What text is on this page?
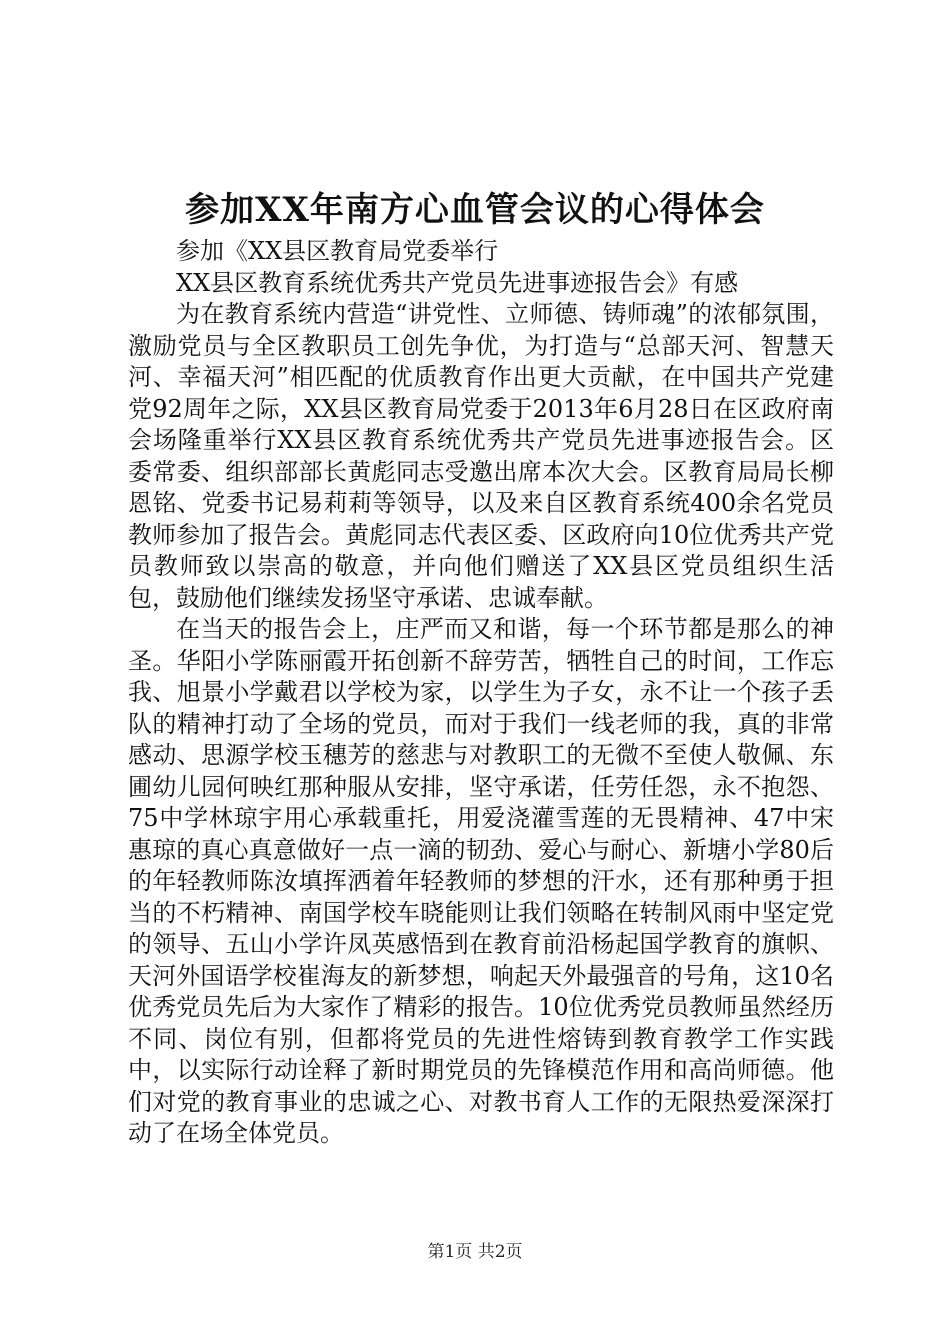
参加XX年南方心血管会议的心得体会

参加《XX县区教育局党委举行

XX县区教育系统优秀共产党员先进事迹报告会》有感

为在教育系统内营造“讲党性、立师德、铸师魂”的浓郁氛围，激励党员与全区教职员工创先争优，为打造与“总部天河、智慧天河、幸福天河”相匹配的优质教育作出更大贡献，在中国共产党建党92周年之际，XX县区教育局党委于2013年6月28日在区政府南会场隆重举行XX县区教育系统优秀共产党员先进事迹报告会。区委常委、组织部部长黄彪同志受邀出席本次大会。区教育局局长柳恩铭、党委书记易莉莉等领导，以及来自区教育系统400余名党员教师参加了报告会。黄彪同志代表区委、区政府向10位优秀共产党员教师致以崇高的敬意，并向他们赠送了XX县区党员组织生活包，鼓励他们继续发扬坚守承诺、忠诚奉献。

在当天的报告会上，庄严而又和谐，每一个环节都是那么的神圣。华阳小学陈丽霞开拓创新不辞劳苦，牺牲自己的时间，工作忘我、旭景小学戴君以学校为家，以学生为子女，永不让一个孩子丢队的精神打动了全场的党员，而对于我们一线老师的我，真的非常感动、思源学校玉穗芳的慈悲与对教职工的无微不至使人敬佩、东圃幼儿园何映红那种服从安排，坚守承诺，任劳任怨，永不抱怨、75中学林琼宇用心承载重托，用爱浇灌雪莲的无畏精神、47中宋惠琼的真心真意做好一点一滴的韧劲、爱心与耐心、新塘小学80后的年轻教师陈汝填挥洒着年轻教师的梦想的汗水，还有那种勇于担当的不朽精神、南国学校车晓能则让我们领略在转制风雨中坚定党的领导、五山小学许凤英感悟到在教育前沿杨起国学教育的旗帜、天河外国语学校崔海友的新梦想，响起天外最强音的号角，这10名优秀党员先后为大家作了精彩的报告。10位优秀党员教师虽然经历不同、岗位有别，但都将党员的先进性熔铸到教育教学工作实践中，以实际行动诠释了新时期党员的先锋模范作用和高尚师德。他们对党的教育事业的忠诚之心、对教书育人工作的无限热爱深深打动了在场全体党员。

第1页 共2页
